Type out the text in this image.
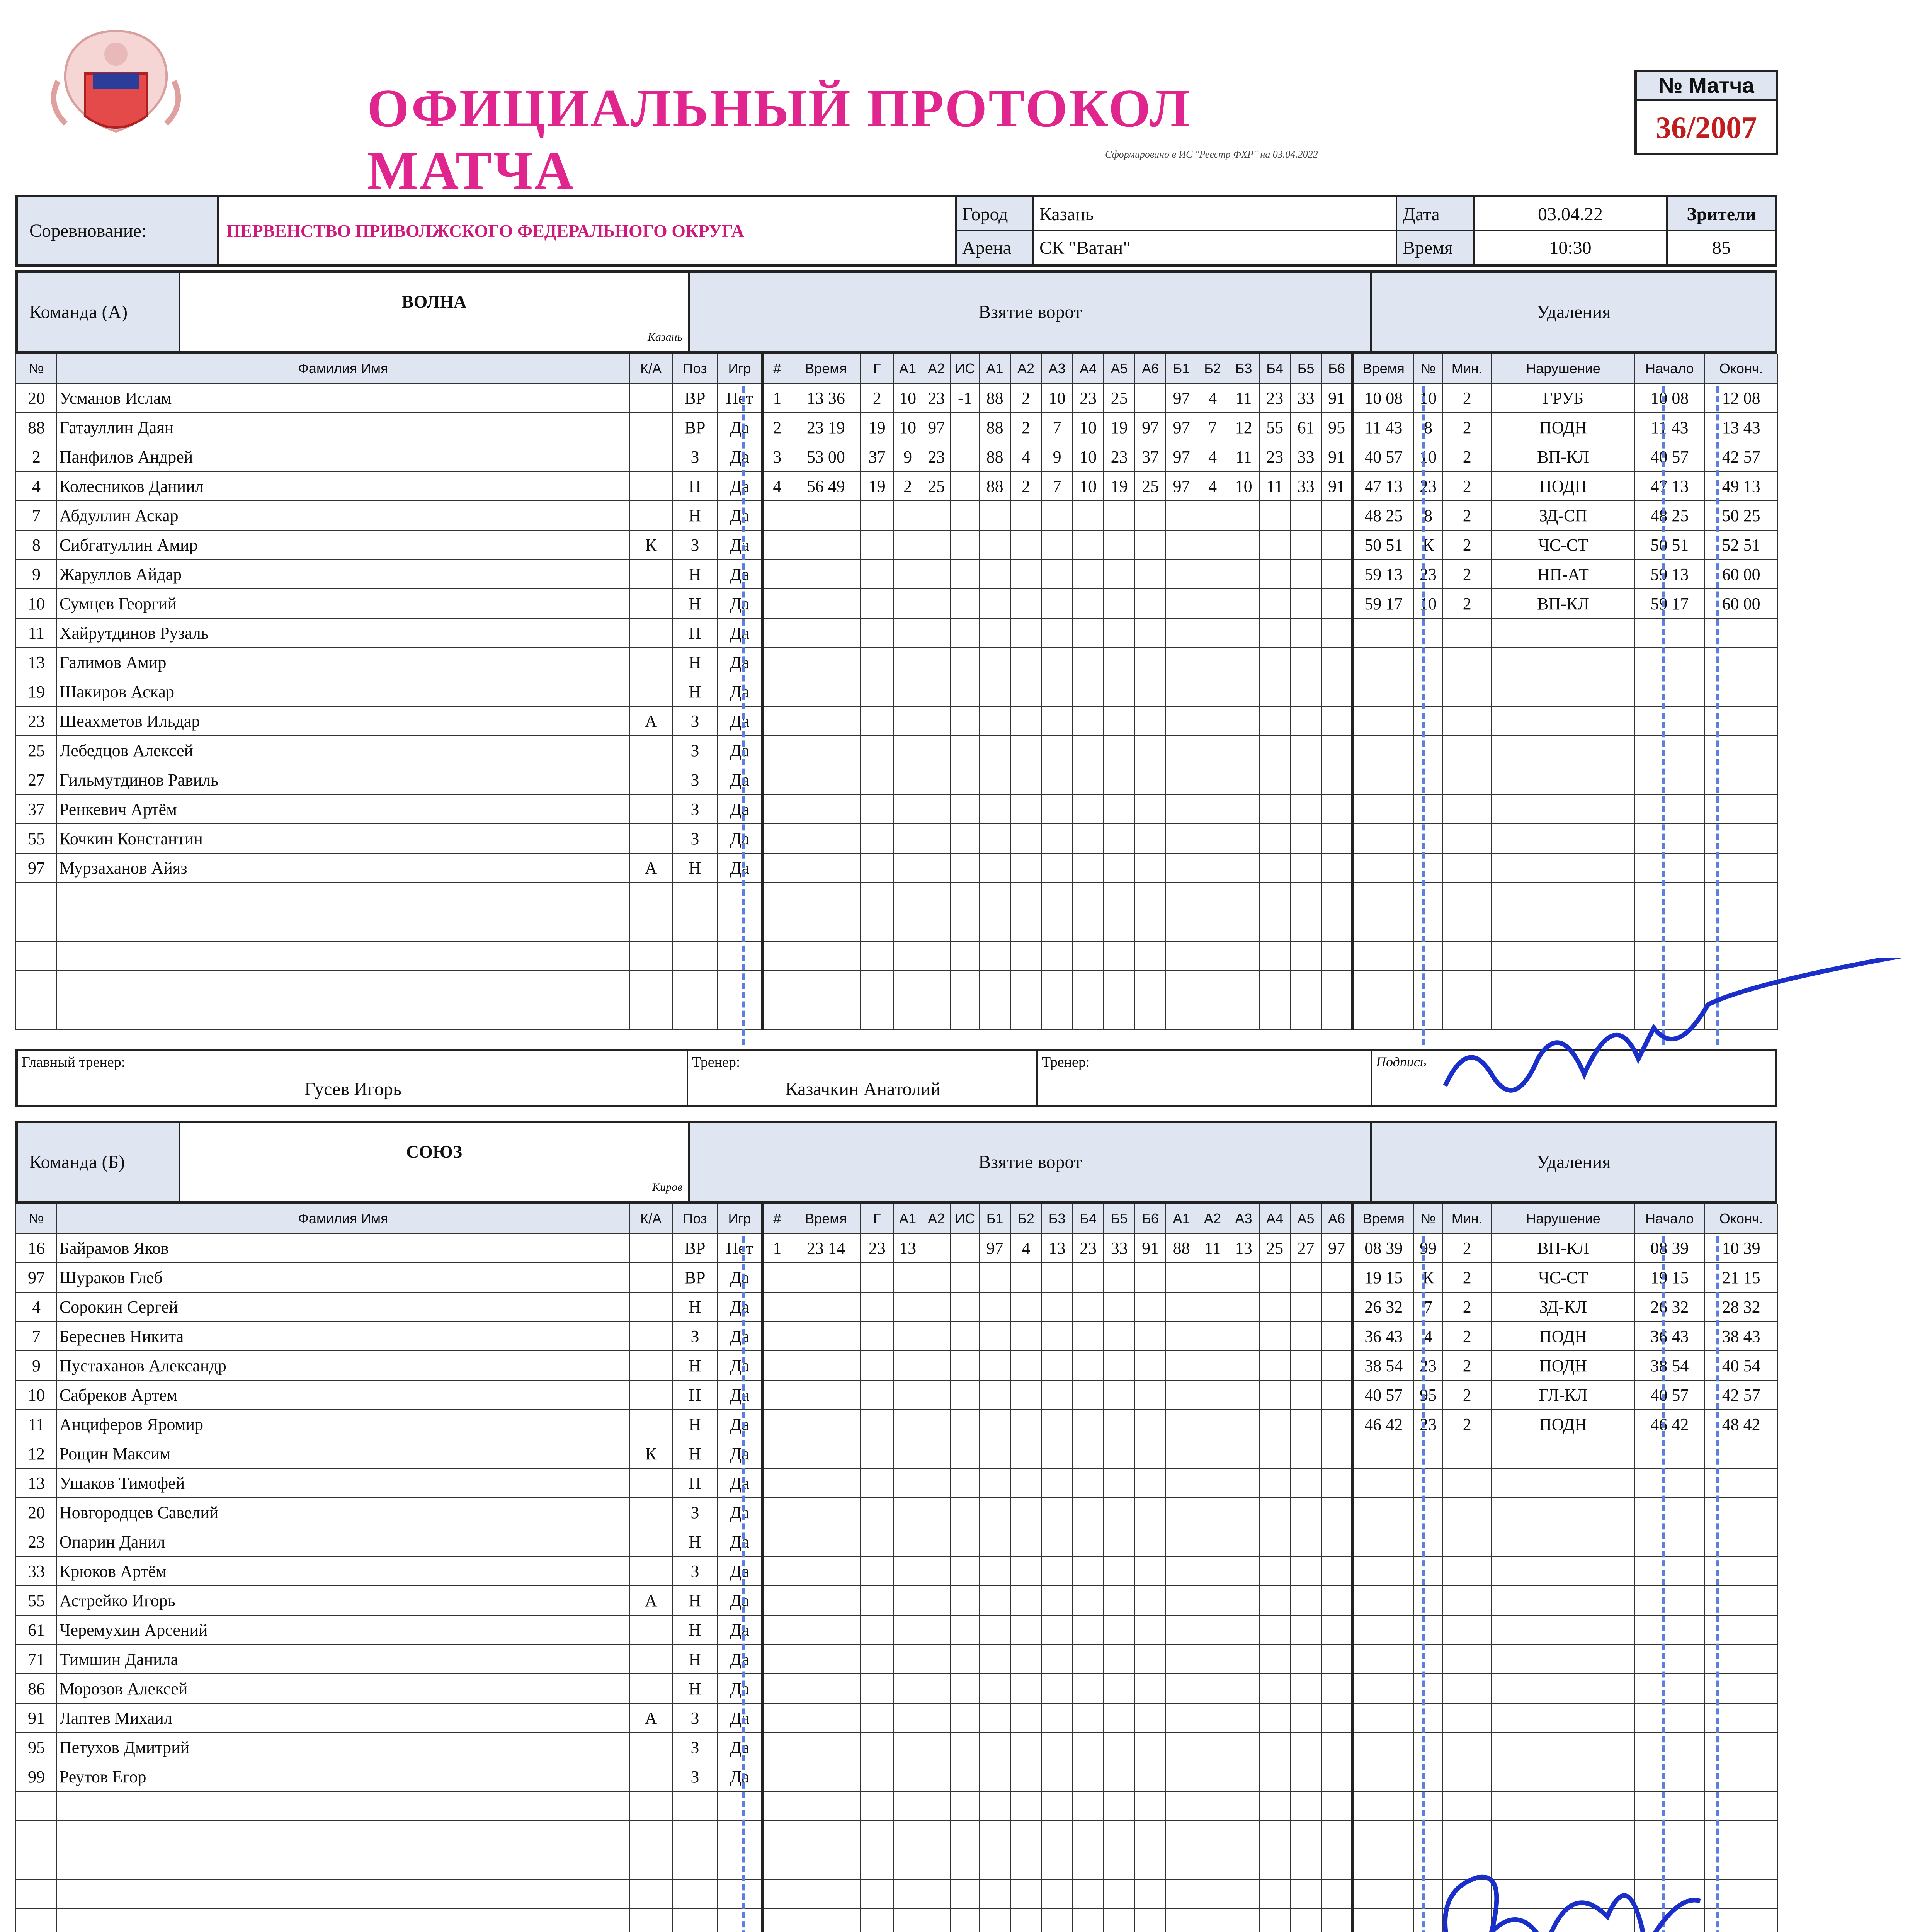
ОФИЦИАЛЬНЫЙ ПРОТОКОЛ МАТЧА	Сформировано в ИС "Реестр ФХР" на 03.04.2022
№ Матча
36/2007
Соревнование:	ПЕРВЕНСТВО ПРИВОЛЖСКОГО ФЕДЕРАЛЬНОГО ОКРУГА
Город	Казань
Арена	СК "Ватан"
Дата	03.04.22
Время	10:30
Зрители
85
Команда (А)
ВОЛНА
Казань
Взятие ворот	Удаления
№	Фамилия Имя	К/А	Поз	Игр	#	Время	Г	А1	А2	ИС	А1	А2	А3	А4	А5	А6	Б1	Б2	Б3	Б4	Б5	Б6	Время	№	Мин.	Нарушение	Начало	Оконч.
20	Усманов Ислам		ВР	Нет	1	13 36	2	10	23	-1	88	2	10	23	25		97	4	11	23	33	91	10 08	10	2	ГРУБ	10 08	12 08
88	Гатауллин Даян		ВР	Да	2	23 19	19	10	97		88	2	7	10	19	97	97	7	12	55	61	95	11 43	8	2	ПОДН	11 43	13 43
2	Панфилов Андрей		З	Да	3	53 00	37	9	23		88	4	9	10	23	37	97	4	11	23	33	91	40 57	10	2	ВП-КЛ	40 57	42 57
4	Колесников Даниил		Н	Да	4	56 49	19	2	25		88	2	7	10	19	25	97	4	10	11	33	91	47 13	23	2	ПОДН	47 13	49 13
7	Абдуллин Аскар		Н	Да																			48 25	8	2	ЗД-СП	48 25	50 25
8	Сибгатуллин Амир	К	З	Да																			50 51	К	2	ЧС-СТ	50 51	52 51
9	Жаруллов Айдар		Н	Да																			59 13	23	2	НП-АТ	59 13	60 00
10	Сумцев Георгий		Н	Да																			59 17	10	2	ВП-КЛ	59 17	60 00
11	Хайрутдинов Рузаль		Н	Да																								
13	Галимов Амир		Н	Да																								
19	Шакиров Аскар		Н	Да																								
23	Шеахметов Ильдар	А	З	Да																								
25	Лебедцов Алексей		З	Да																								
27	Гильмутдинов Равиль		З	Да																								
37	Ренкевич Артём		З	Да																								
55	Кочкин Константин		З	Да																								
97	Мурзаханов Айяз	А	Н	Да																								

Главный тренер:
Гусев Игорь
Тренер:
Казачкин Анатолий
Тренер:	Подпись
Команда (Б)
СОЮЗ
Киров
Взятие ворот	Удаления
№	Фамилия Имя	К/А	Поз	Игр	#	Время	Г	А1	А2	ИС	Б1	Б2	Б3	Б4	Б5	Б6	А1	А2	А3	А4	А5	А6	Время	№	Мин.	Нарушение	Начало	Оконч.
16	Байрамов Яков		ВР	Нет	1	23 14	23	13			97	4	13	23	33	91	88	11	13	25	27	97	08 39	99	2	ВП-КЛ	08 39	10 39
97	Шураков Глеб		ВР	Да																			19 15	К	2	ЧС-СТ	19 15	21 15
4	Сорокин Сергей		Н	Да																			26 32	7	2	ЗД-КЛ	26 32	28 32
7	Береснев Никита		З	Да																			36 43	4	2	ПОДН	36 43	38 43
9	Пустаханов Александр		Н	Да																			38 54	23	2	ПОДН	38 54	40 54
10	Сабреков Артем		Н	Да																			40 57	95	2	ГЛ-КЛ	40 57	42 57
11	Анциферов Яромир		Н	Да																			46 42	23	2	ПОДН	46 42	48 42
12	Рощин Максим	К	Н	Да																								
13	Ушаков Тимофей		Н	Да																								
20	Новгородцев Савелий		З	Да																								
23	Опарин Данил		Н	Да																								
33	Крюков Артём		З	Да																								
55	Астрейко Игорь	А	Н	Да																								
61	Черемухин Арсений		Н	Да																								
71	Тимшин Данила		Н	Да																								
86	Морозов Алексей		Н	Да																								
91	Лаптев Михаил	А	З	Да																								
95	Петухов Дмитрий		З	Да																								
99	Реутов Егор		З	Да																								
